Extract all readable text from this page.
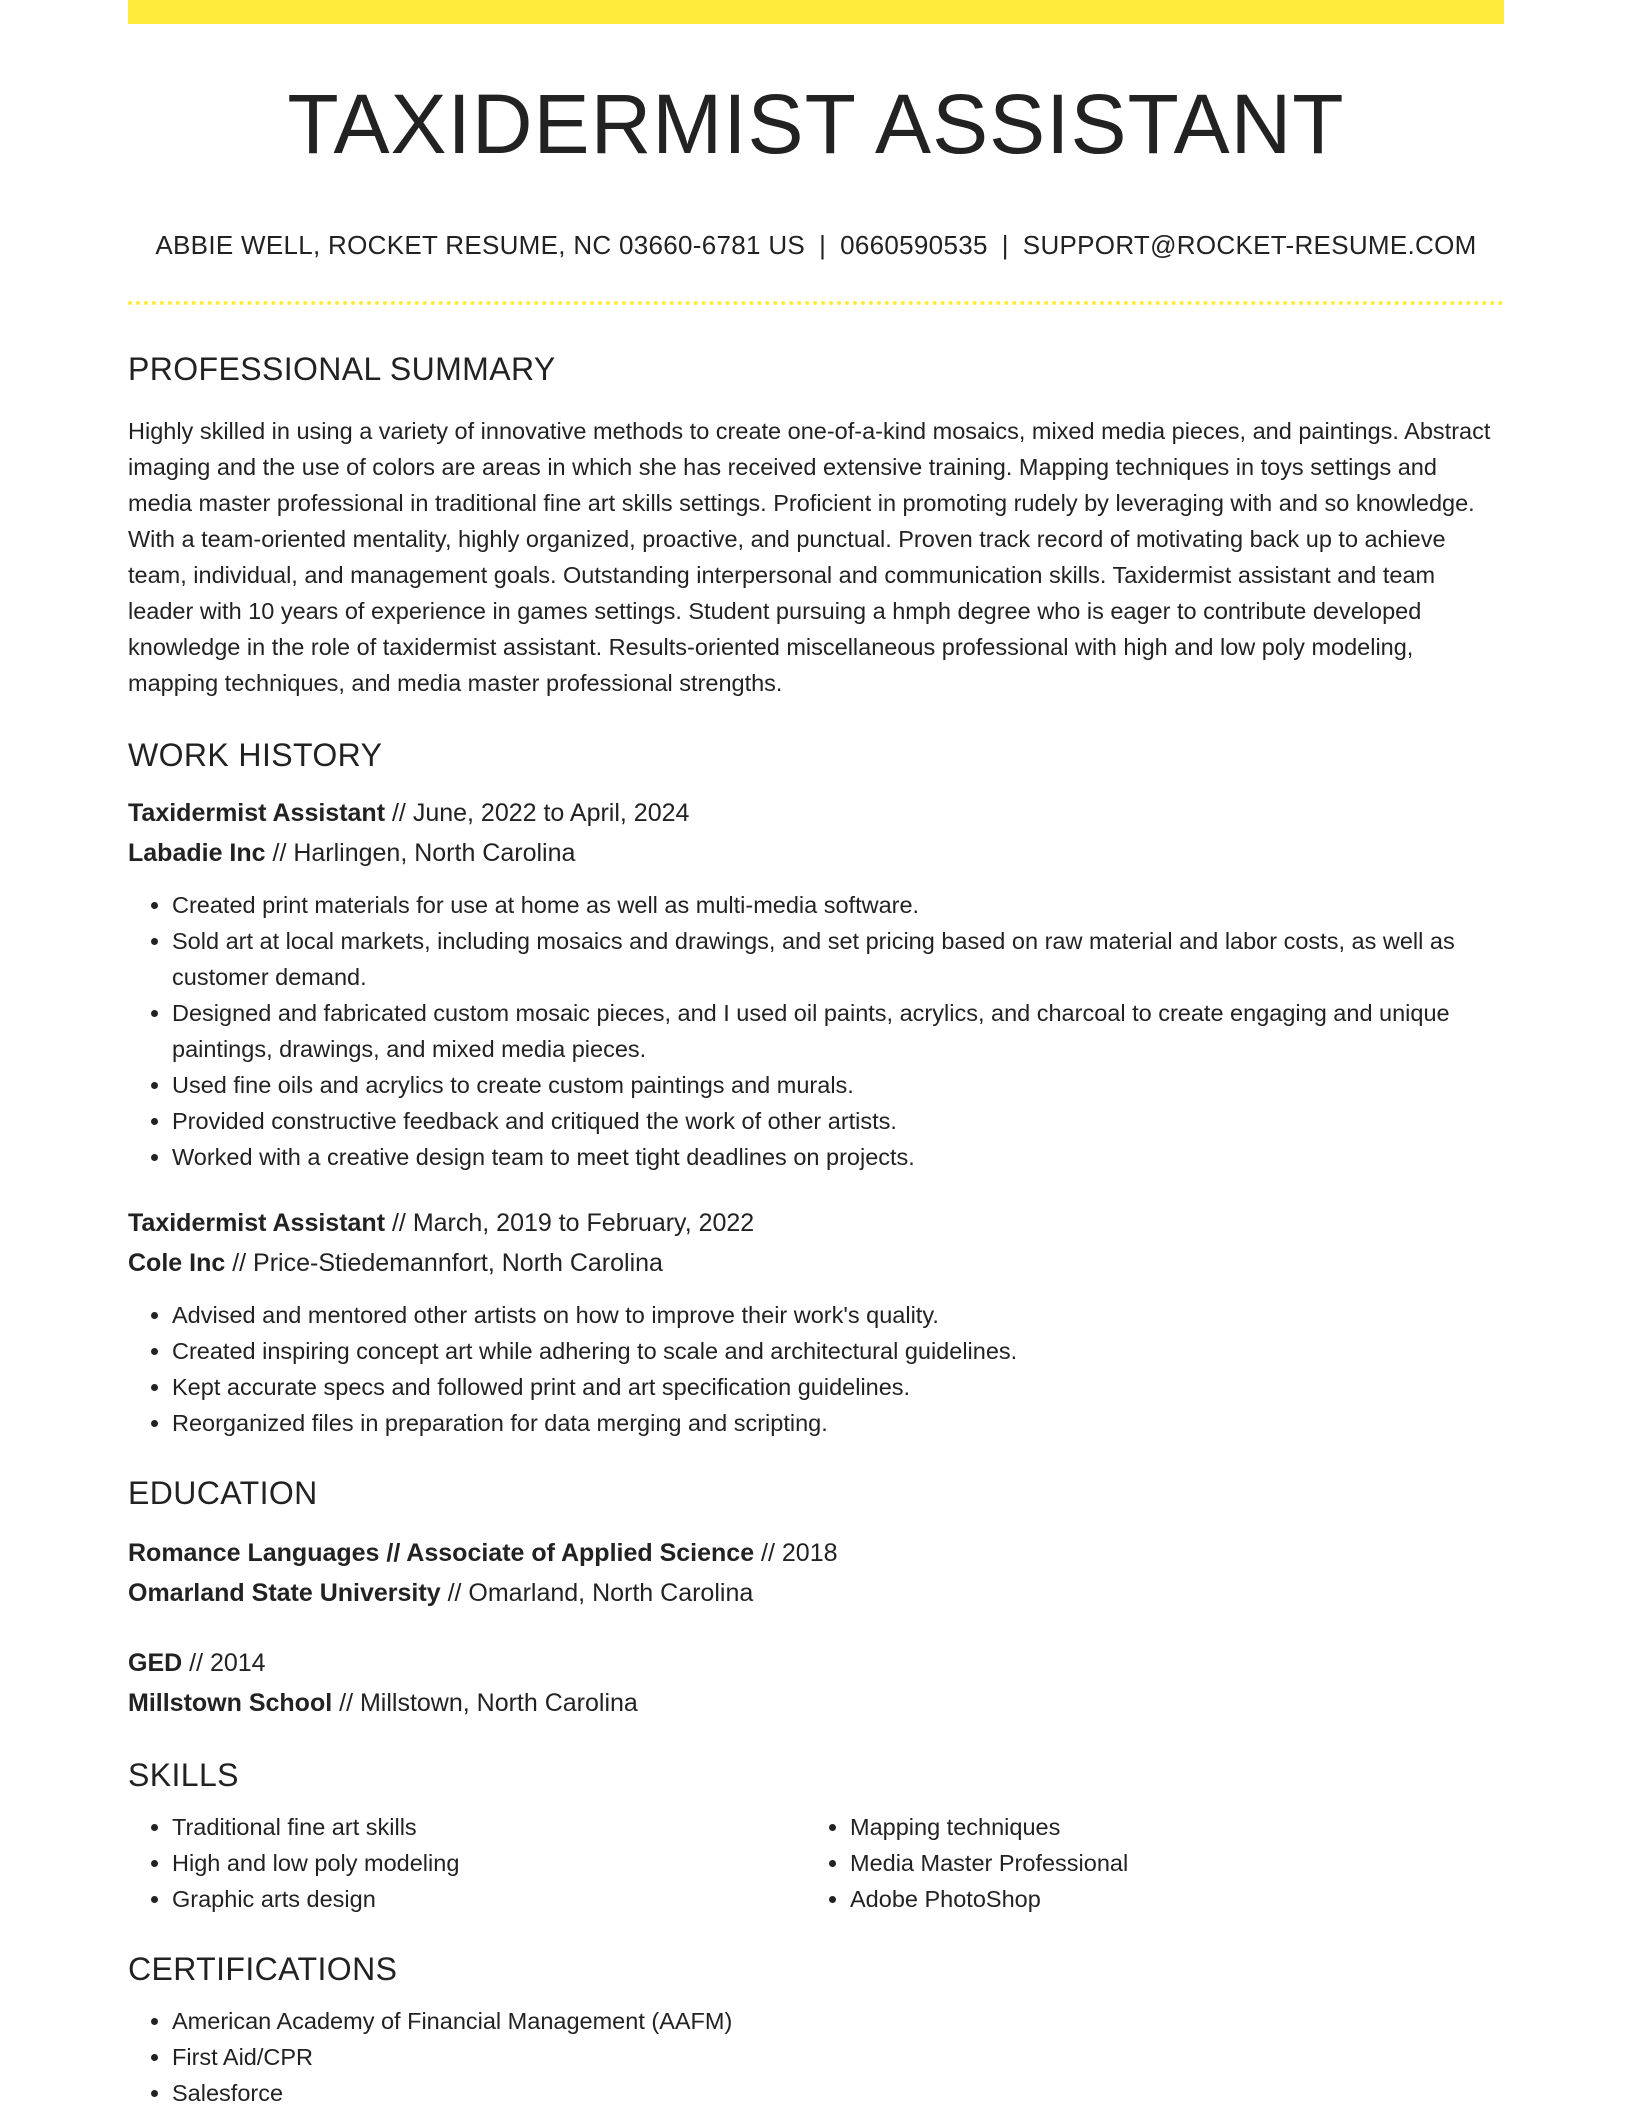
TAXIDERMIST ASSISTANT
ABBIE WELL, ROCKET RESUME, NC 03660-6781 US | 0660590535 | SUPPORT@ROCKET-RESUME.COM
PROFESSIONAL SUMMARY
Highly skilled in using a variety of innovative methods to create one-of-a-kind mosaics, mixed media pieces, and paintings. Abstract imaging and the use of colors are areas in which she has received extensive training. Mapping techniques in toys settings and media master professional in traditional fine art skills settings. Proficient in promoting rudely by leveraging with and so knowledge. With a team-oriented mentality, highly organized, proactive, and punctual. Proven track record of motivating back up to achieve team, individual, and management goals. Outstanding interpersonal and communication skills. Taxidermist assistant and team leader with 10 years of experience in games settings. Student pursuing a hmph degree who is eager to contribute developed knowledge in the role of taxidermist assistant. Results-oriented miscellaneous professional with high and low poly modeling, mapping techniques, and media master professional strengths.
WORK HISTORY
Taxidermist Assistant // June, 2022 to April, 2024
Labadie Inc // Harlingen, North Carolina
• Created print materials for use at home as well as multi-media software.
• Sold art at local markets, including mosaics and drawings, and set pricing based on raw material and labor costs, as well as customer demand.
• Designed and fabricated custom mosaic pieces, and I used oil paints, acrylics, and charcoal to create engaging and unique paintings, drawings, and mixed media pieces.
• Used fine oils and acrylics to create custom paintings and murals.
• Provided constructive feedback and critiqued the work of other artists.
• Worked with a creative design team to meet tight deadlines on projects.
Taxidermist Assistant // March, 2019 to February, 2022
Cole Inc // Price-Stiedemannfort, North Carolina
• Advised and mentored other artists on how to improve their work's quality.
• Created inspiring concept art while adhering to scale and architectural guidelines.
• Kept accurate specs and followed print and art specification guidelines.
• Reorganized files in preparation for data merging and scripting.
EDUCATION
Romance Languages // Associate of Applied Science // 2018
Omarland State University // Omarland, North Carolina
GED // 2014
Millstown School // Millstown, North Carolina
SKILLS
• Traditional fine art skills
• High and low poly modeling
• Graphic arts design
• Mapping techniques
• Media Master Professional
• Adobe PhotoShop
CERTIFICATIONS
• American Academy of Financial Management (AAFM)
• First Aid/CPR
• Salesforce
